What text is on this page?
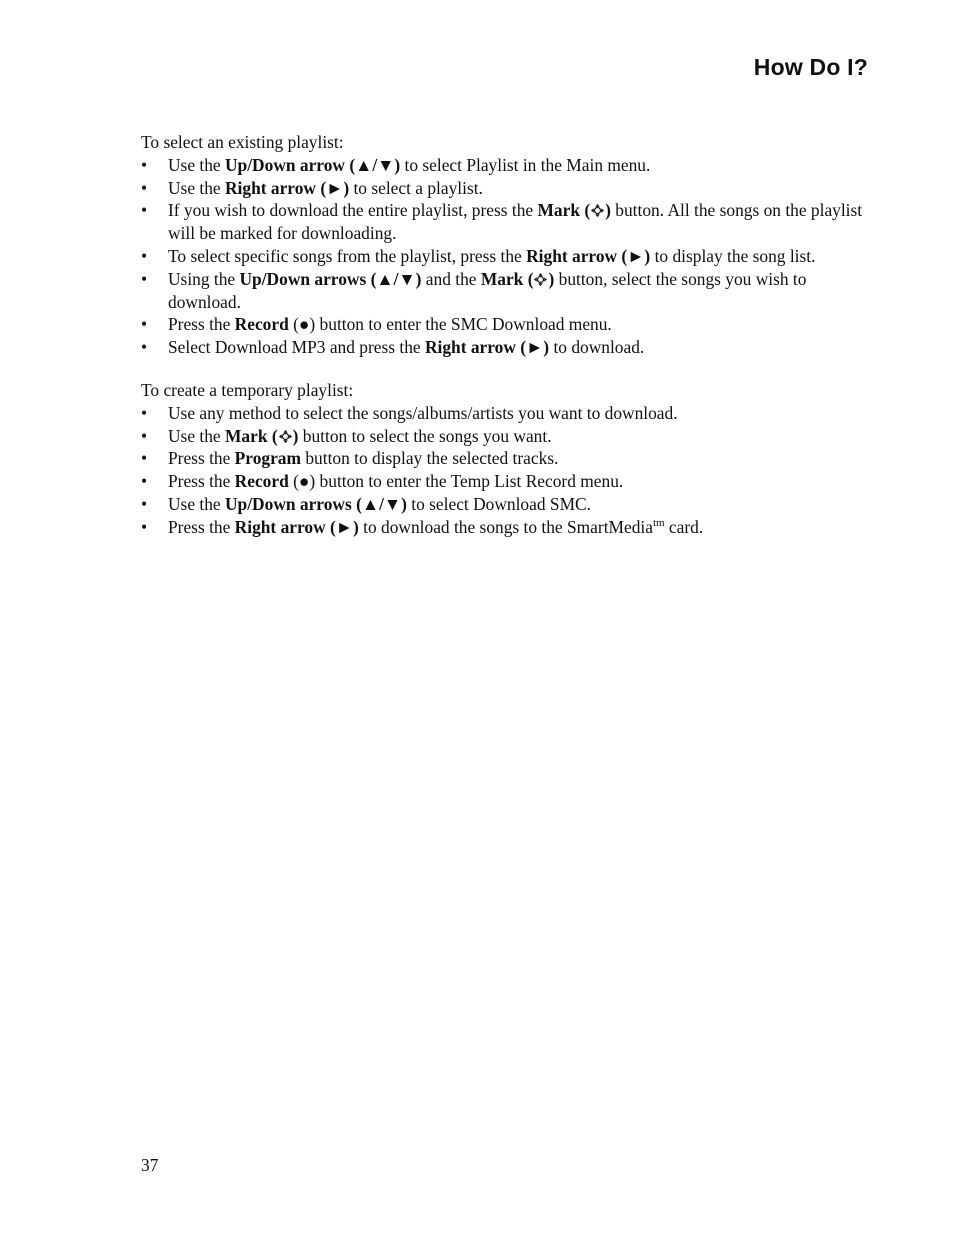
How Do I?

To select an existing playlist:

•	Use the Up/Down arrow (▲/▼) to select Playlist in the Main menu.
•	Use the Right arrow (►) to select a playlist.
•	If you wish to download the entire playlist, press the Mark ( ) button. All the songs on the playlist will be marked for downloading.
•	To select specific songs from the playlist, press the Right arrow (►) to display the song list.
•	Using the Up/Down arrows (▲/▼) and the Mark ( ) button, select the songs you wish to download.
•	Press the Record (●) button to enter the SMC Download menu.
•	Select Download MP3 and press the Right arrow (►) to download.

To create a temporary playlist:

•	Use any method to select the songs/albums/artists you want to download.
•	Use the Mark ( ) button to select the songs you want.
•	Press the Program button to display the selected tracks.
•	Press the Record (●) button to enter the Temp List Record menu.
•	Use the Up/Down arrows (▲/▼) to select Download SMC.
•	Press the Right arrow (►) to download the songs to the SmartMedia$^{tm}$ card.
37
